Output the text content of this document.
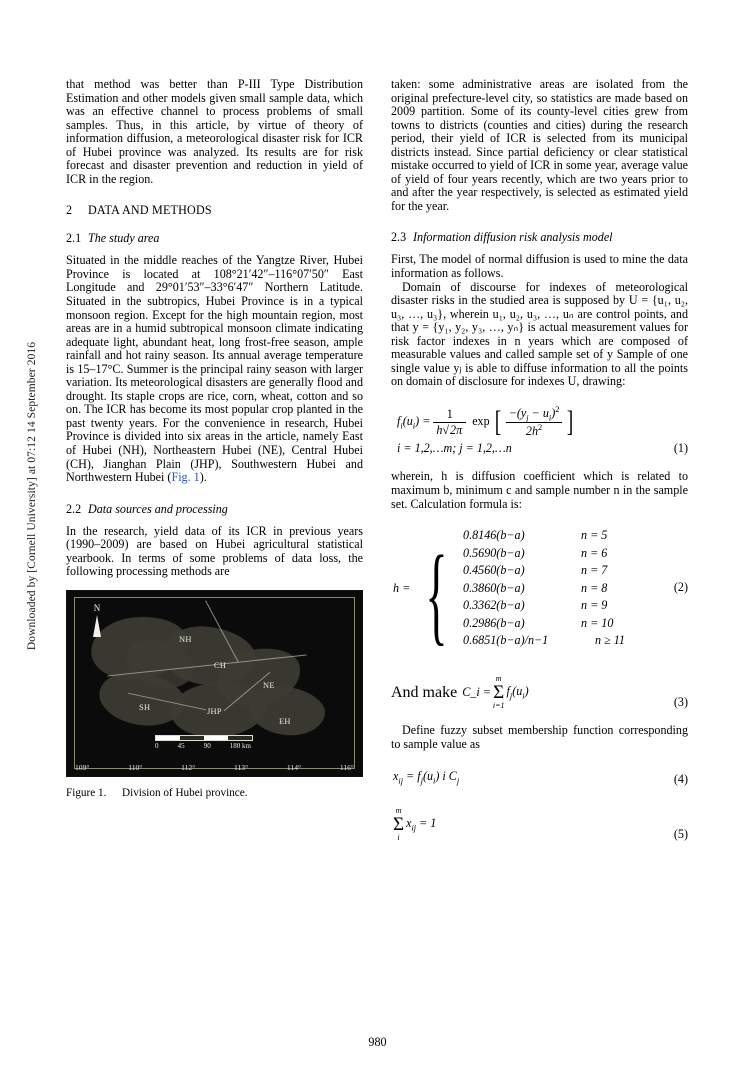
Downloaded by [Cornell University] at 07:12 14 September 2016

that method was better than P-III Type Distribution Estimation and other models given small sample data, which was an effective channel to process problems of small samples. Thus, in this article, by virtue of theory of information diffusion, a meteorological disaster risk for ICR of Hubei province was analyzed. Its results are for risk forecast and disaster prevention and reduction in yield of ICR in the region.

2 DATA AND METHODS
2.1 The study area

Situated in the middle reaches of the Yangtze River, Hubei Province is located at 108°21′42″–116°07′50″ East Longitude and 29°01′53″–33°6′47″ Northern Latitude. Situated in the subtropics, Hubei Province is in a typical monsoon region. Except for the high mountain region, most areas are in a humid subtropical monsoon climate indicating adequate light, abundant heat, long frost-free season, ample rainfall and hot rainy season. Its annual average temperature is 15–17°C. Summer is the principal rainy season with larger variation. Its meteorological disasters are generally flood and drought. Its staple crops are rice, corn, wheat, cotton and so on. The ICR has become its most popular crop planted in the past twenty years. For the convenience in research, Hubei Province is divided into six areas in the article, namely East of Hubei (NH), Northeastern Hubei (NE), Central Hubei (CH), Jianghan Plain (JHP), Southwestern Hubei and Northwestern Hubei (Fig. 1).

2.2 Data sources and processing

In the research, yield data of its ICR in previous years (1990–2009) are based on Hubei agricultural statistical yearbook. In terms of some problems of data loss, the following processing methods are

N
NH
CH
NE
SH	JHP
EH
0	45	90	180 km
109°	110°	112°	113°	114°	116°
Figure 1. Division of Hubei province.

taken: some administrative areas are isolated from the original prefecture-level city, so statistics are made based on 2009 partition. Some of its county-level cities grew from towns to districts (counties and cities) during the research period, their yield of ICR is selected from its municipal districts instead. Since partial deficiency or clear statistical mistake occurred to yield of ICR in some year, average value of yield of four years recently, which are two years prior to and after the year respectively, is selected as estimated yield for the year.

2.3 Information diffusion risk analysis model

First, The model of normal diffusion is used to mine the data information as follows.

Domain of discourse for indexes of meteorological disaster risks in the studied area is supposed by U = {u₁, u₂, u₃, …, u₃}, wherein u₁, u₂, u₃, …, uₙ are control points, and that y = {y₁, y₂, y₃, …, yₙ} is actual measurement values for risk factor indexes in n years which are composed of measurable values and called sample set of y Sample of one single value yⱼ is able to diffuse information to all the points on domain of disclosure for indexes U, drawing:

$f_i(u_i) = \frac{1}{h√2\pi}$ exp [ $\frac{-(y_j - u_i)^2}{2h^2}$ ]
i = 1,2,…m; j = 1,2,…n	(1)

wherein, h is diffusion coefficient which is related to maximum b, minimum c and sample number n in the sample set. Calculation formula is:

h = { 0.8146(b−a)	n = 5
0.5690(b−a)	n = 6
0.4560(b−a)	n = 7
0.3860(b−a)	n = 8
0.3362(b−a)	n = 9
0.2986(b−a)	n = 10
0.6851(b−a)/n−1	n ≥ 11
(2)
And make C_i =
m
Σ
i=1
$f_j(u_i)$
(3)

Define fuzzy subset membership function corresponding to sample value as

$x_{ij} = f_j(u_i)$ i $C_j$	(4)
m
Σ
i
$x_{ij} = 1$
(5)
980
